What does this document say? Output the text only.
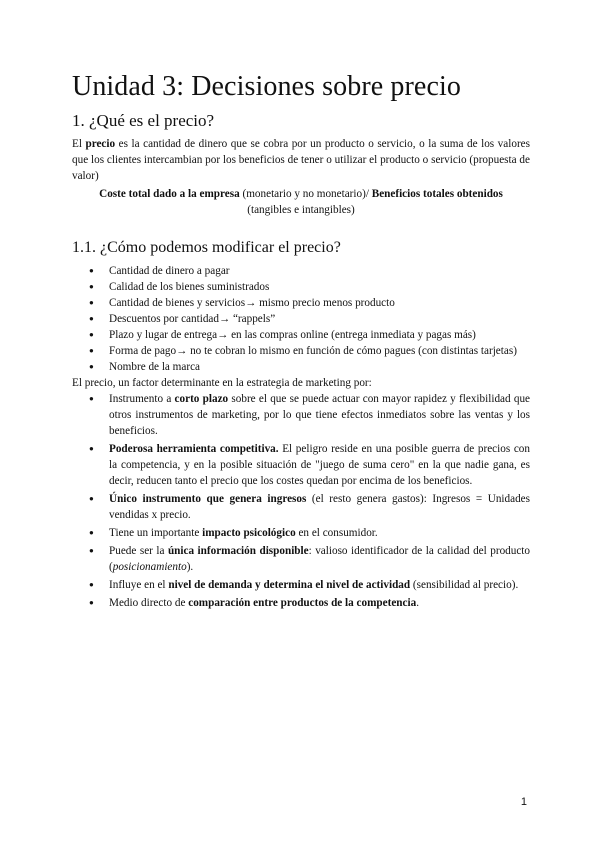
Unidad 3: Decisiones sobre precio
1. ¿Qué es el precio?

El precio es la cantidad de dinero que se cobra por un producto o servicio, o la suma de los valores que los clientes intercambian por los beneficios de tener o utilizar el producto o servicio (propuesta de valor)

Coste total dado a la empresa (monetario y no monetario)/ Beneficios totales obtenidos
(tangibles e intangibles)

1.1. ¿Cómo podemos modificar el precio?
● Cantidad de dinero a pagar
● Calidad de los bienes suministrados
● Cantidad de bienes y servicios→ mismo precio menos producto
● Descuentos por cantidad→ “rappels”
● Plazo y lugar de entrega→ en las compras online (entrega inmediata y pagas más)
● Forma de pago→ no te cobran lo mismo en función de cómo pagues (con distintas tarjetas)
● Nombre de la marca

El precio, un factor determinante en la estrategia de marketing por:

● Instrumento a corto plazo sobre el que se puede actuar con mayor rapidez y flexibilidad que otros instrumentos de marketing, por lo que tiene efectos inmediatos sobre las ventas y los beneficios.
● Poderosa herramienta competitiva. El peligro reside en una posible guerra de precios con la competencia, y en la posible situación de "juego de suma cero" en la que nadie gana, es decir, reducen tanto el precio que los costes quedan por encima de los beneficios.
● Único instrumento que genera ingresos (el resto genera gastos): Ingresos = Unidades vendidas x precio.
● Tiene un importante impacto psicológico en el consumidor.
● Puede ser la única información disponible: valioso identificador de la calidad del producto (posicionamiento).
● Influye en el nivel de demanda y determina el nivel de actividad (sensibilidad al precio).
● Medio directo de comparación entre productos de la competencia.
1
